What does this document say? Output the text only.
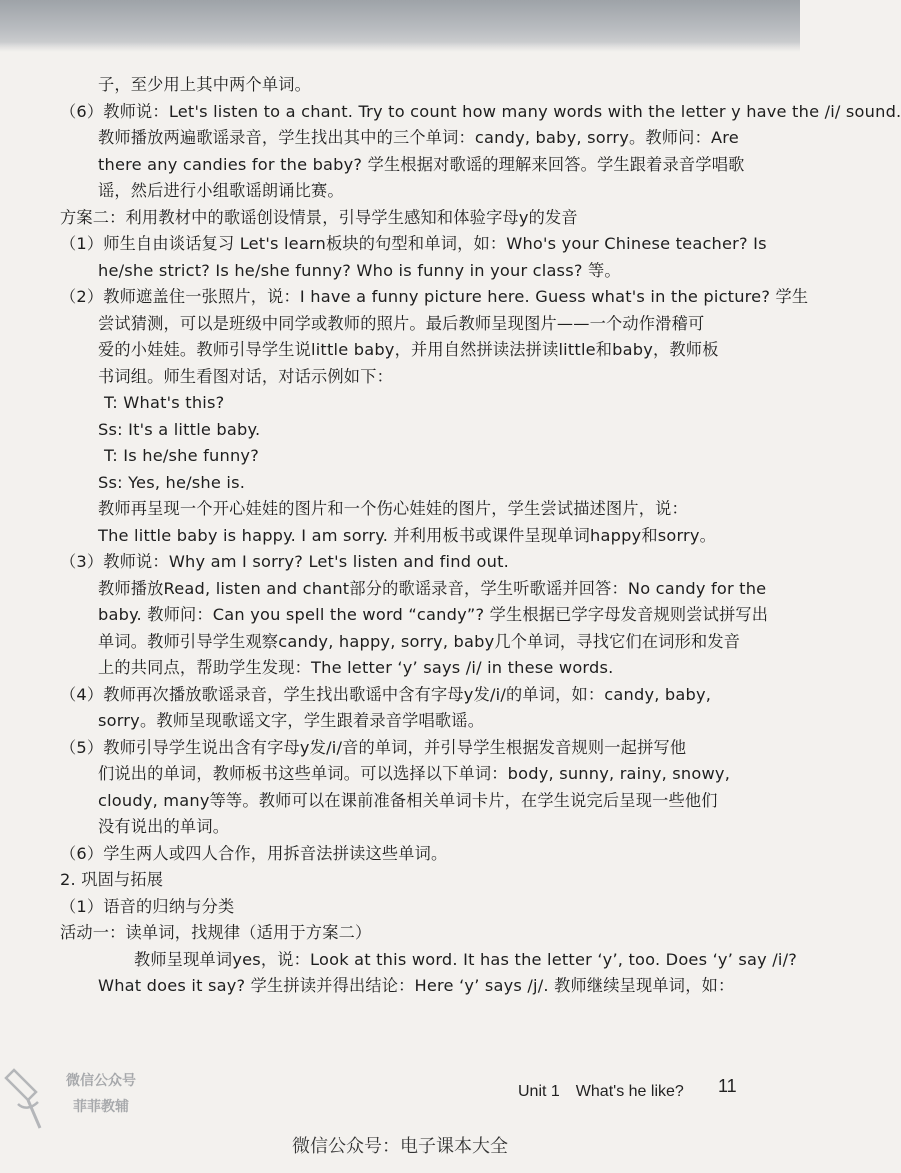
子，至少用上其中两个单词。
（6）教师说：Let's listen to a chant. Try to count how many words with the letter y have the /i/ sound.
教师播放两遍歌谣录音，学生找出其中的三个单词：candy, baby, sorry。教师问：Are
there any candies for the baby? 学生根据对歌谣的理解来回答。学生跟着录音学唱歌
谣，然后进行小组歌谣朗诵比赛。
方案二：利用教材中的歌谣创设情景，引导学生感知和体验字母y的发音
（1）师生自由谈话复习 Let's learn板块的句型和单词，如：Who's your Chinese teacher? Is
he/she strict? Is he/she funny? Who is funny in your class? 等。
（2）教师遮盖住一张照片，说：I have a funny picture here. Guess what's in the picture? 学生
尝试猜测，可以是班级中同学或教师的照片。最后教师呈现图片——一个动作滑稽可
爱的小娃娃。教师引导学生说little baby，并用自然拼读法拼读little和baby，教师板
书词组。师生看图对话，对话示例如下：
T: What's this?
Ss: It's a little baby.
T: Is he/she funny?
Ss: Yes, he/she is.
教师再呈现一个开心娃娃的图片和一个伤心娃娃的图片，学生尝试描述图片，说：
The little baby is happy. I am sorry. 并利用板书或课件呈现单词happy和sorry。
（3）教师说：Why am I sorry? Let's listen and find out.
教师播放Read, listen and chant部分的歌谣录音，学生听歌谣并回答：No candy for the
baby. 教师问：Can you spell the word “candy”? 学生根据已学字母发音规则尝试拼写出
单词。教师引导学生观察candy, happy, sorry, baby几个单词，寻找它们在词形和发音
上的共同点，帮助学生发现：The letter ‘y’ says /i/ in these words.
（4）教师再次播放歌谣录音，学生找出歌谣中含有字母y发/i/的单词，如：candy, baby,
sorry。教师呈现歌谣文字，学生跟着录音学唱歌谣。
（5）教师引导学生说出含有字母y发/i/音的单词，并引导学生根据发音规则一起拼写他
们说出的单词，教师板书这些单词。可以选择以下单词：body, sunny, rainy, snowy,
cloudy, many等等。教师可以在课前准备相关单词卡片，在学生说完后呈现一些他们
没有说出的单词。
（6）学生两人或四人合作，用拆音法拼读这些单词。
2. 巩固与拓展
（1）语音的归纳与分类
活动一：读单词，找规律（适用于方案二）
教师呈现单词yes，说：Look at this word. It has the letter ‘y’, too. Does ‘y’ say /i/?
What does it say? 学生拼读并得出结论：Here ‘y’ says /j/. 教师继续呈现单词，如：
微信公众号
菲菲教辅
Unit 1　What's he like? 11
微信公众号：电子课本大全
